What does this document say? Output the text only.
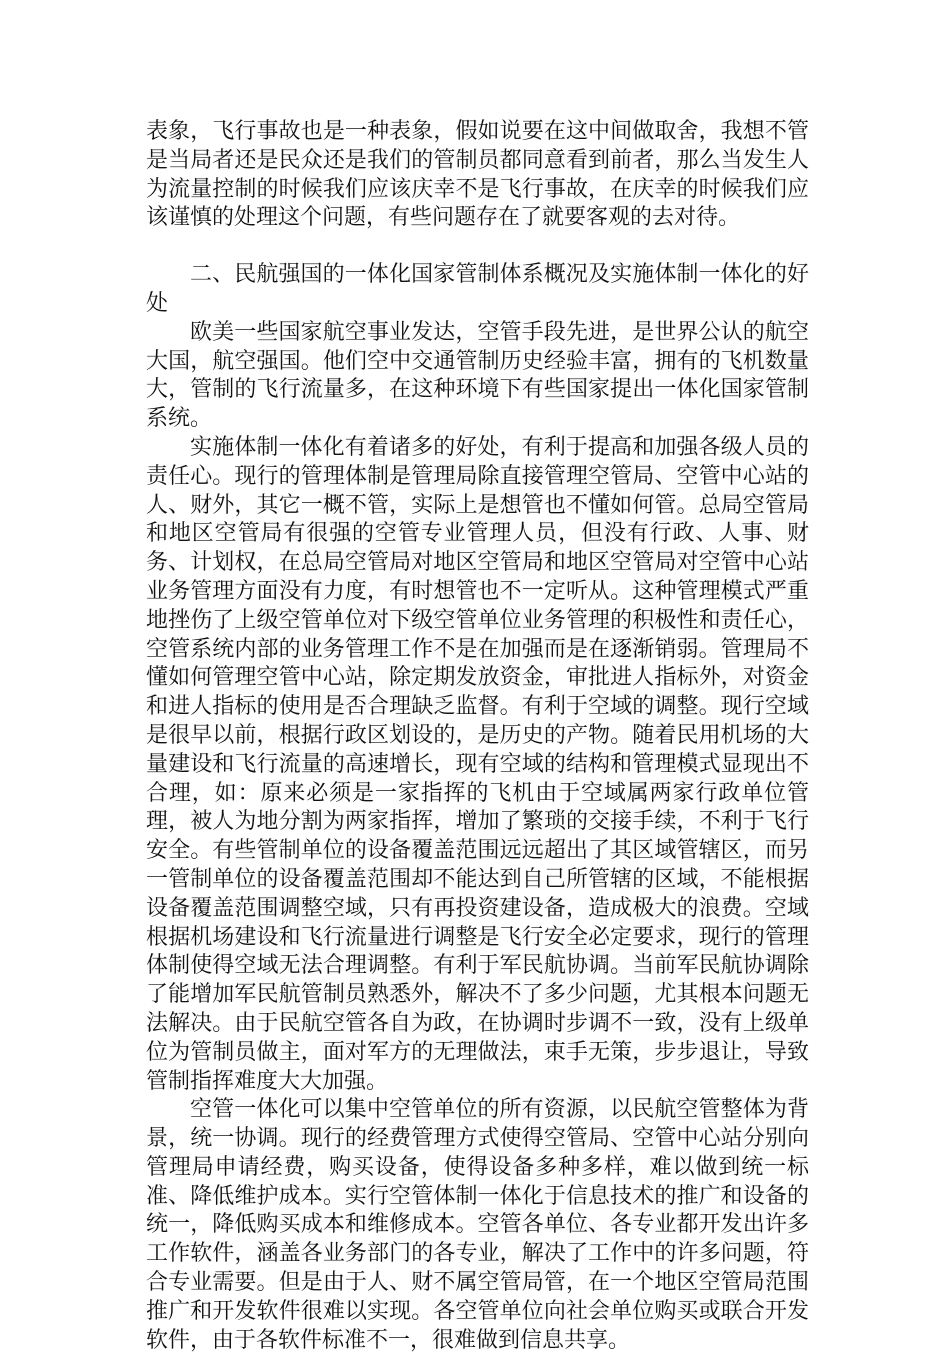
表象，飞行事故也是一种表象，假如说要在这中间做取舍，我想不管是当局者还是民众还是我们的管制员都同意看到前者，那么当发生人为流量控制的时候我们应该庆幸不是飞行事故，在庆幸的时候我们应该谨慎的处理这个问题，有些问题存在了就要客观的去对待。

二、民航强国的一体化国家管制体系概况及实施体制一体化的好处

欧美一些国家航空事业发达，空管手段先进，是世界公认的航空大国，航空强国。他们空中交通管制历史经验丰富，拥有的飞机数量大，管制的飞行流量多，在这种环境下有些国家提出一体化国家管制系统。

实施体制一体化有着诸多的好处，有利于提高和加强各级人员的责任心。现行的管理体制是管理局除直接管理空管局、空管中心站的人、财外，其它一概不管，实际上是想管也不懂如何管。总局空管局和地区空管局有很强的空管专业管理人员，但没有行政、人事、财务、计划权，在总局空管局对地区空管局和地区空管局对空管中心站业务管理方面没有力度，有时想管也不一定听从。这种管理模式严重地挫伤了上级空管单位对下级空管单位业务管理的积极性和责任心，空管系统内部的业务管理工作不是在加强而是在逐渐销弱。管理局不懂如何管理空管中心站，除定期发放资金，审批进人指标外，对资金和进人指标的使用是否合理缺乏监督。有利于空域的调整。现行空域是很早以前，根据行政区划设的，是历史的产物。随着民用机场的大量建设和飞行流量的高速增长，现有空域的结构和管理模式显现出不合理，如：原来必须是一家指挥的飞机由于空域属两家行政单位管理，被人为地分割为两家指挥，增加了繁琐的交接手续，不利于飞行安全。有些管制单位的设备覆盖范围远远超出了其区域管辖区，而另一管制单位的设备覆盖范围却不能达到自己所管辖的区域，不能根据设备覆盖范围调整空域，只有再投资建设备，造成极大的浪费。空域根据机场建设和飞行流量进行调整是飞行安全必定要求，现行的管理体制使得空域无法合理调整。有利于军民航协调。当前军民航协调除了能增加军民航管制员熟悉外，解决不了多少问题，尤其根本问题无法解决。由于民航空管各自为政，在协调时步调不一致，没有上级单位为管制员做主，面对军方的无理做法，束手无策，步步退让，导致管制指挥难度大大加强。

空管一体化可以集中空管单位的所有资源，以民航空管整体为背景，统一协调。现行的经费管理方式使得空管局、空管中心站分别向管理局申请经费，购买设备，使得设备多种多样，难以做到统一标准、降低维护成本。实行空管体制一体化于信息技术的推广和设备的统一，降低购买成本和维修成本。空管各单位、各专业都开发出许多工作软件，涵盖各业务部门的各专业，解决了工作中的许多问题，符合专业需要。但是由于人、财不属空管局管，在一个地区空管局范围推广和开发软件很难以实现。各空管单位向社会单位购买或联合开发软件，由于各软件标准不一，很难做到信息共享。
